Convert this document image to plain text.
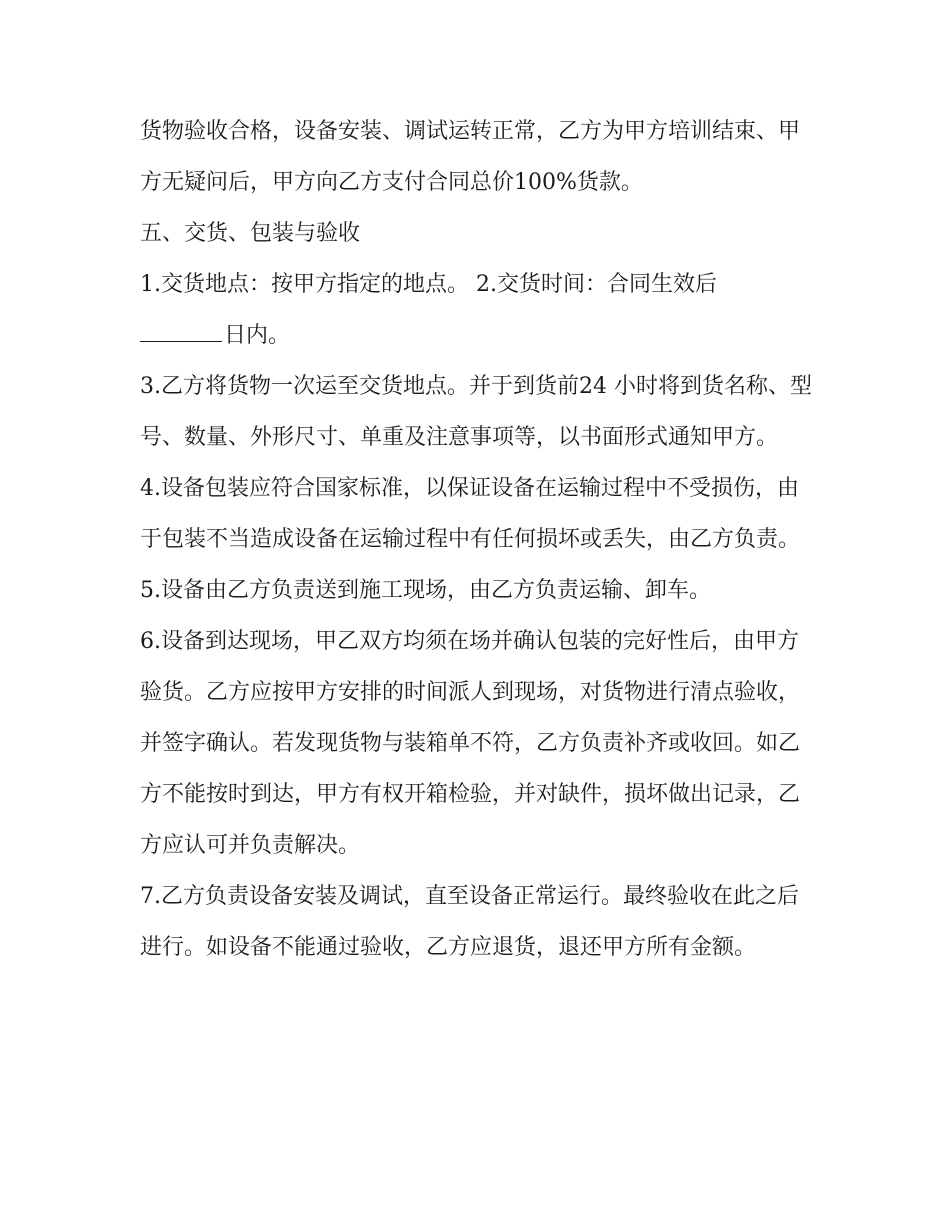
货物验收合格，设备安装、调试运转正常，乙方为甲方培训结束、甲方无疑问后，甲方向乙方支付合同总价100%货款。

五、交货、包装与验收

1.交货地点：按甲方指定的地点。 2.交货时间：合同生效后

日内。

3.乙方将货物一次运至交货地点。并于到货前24 小时将到货名称、型号、数量、外形尺寸、单重及注意事项等，以书面形式通知甲方。

4.设备包装应符合国家标准，以保证设备在运输过程中不受损伤，由于包装不当造成设备在运输过程中有任何损坏或丢失，由乙方负责。

5.设备由乙方负责送到施工现场，由乙方负责运输、卸车。

6.设备到达现场，甲乙双方均须在场并确认包装的完好性后，由甲方验货。乙方应按甲方安排的时间派人到现场，对货物进行清点验收，并签字确认。若发现货物与装箱单不符，乙方负责补齐或收回。如乙方不能按时到达，甲方有权开箱检验，并对缺件，损坏做出记录，乙方应认可并负责解决。

7.乙方负责设备安装及调试，直至设备正常运行。最终验收在此之后进行。如设备不能通过验收，乙方应退货，退还甲方所有金额。
